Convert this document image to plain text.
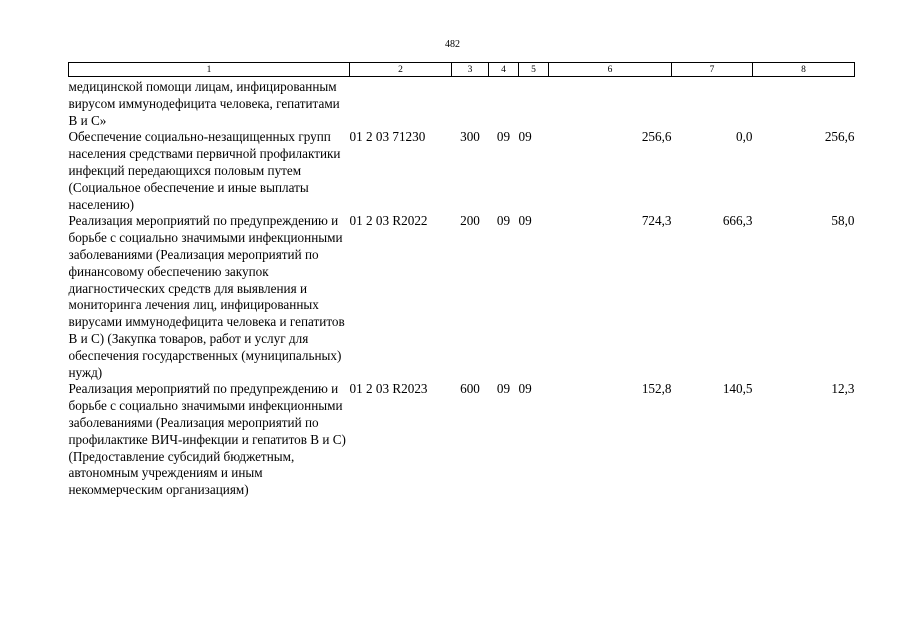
482
1	2	3	4	5	6	7	8
медицинской помощи лицам, инфицированным вирусом иммунодефицита человека, гепатитами В и С»							
Обеспечение социально-незащищенных групп населения средствами первичной профилактики инфекций передающихся половым путем (Социальное обеспечение и иные выплаты населению)	01 2 03 71230	300	09	09	256,6	0,0	256,6
Реализация мероприятий по предупреждению и борьбе с социально значимыми инфекционными заболеваниями (Реализация мероприятий по финансовому обеспечению закупок диагностических средств для выявления и мониторинга лечения лиц, инфицированных вирусами иммунодефицита человека и гепатитов В и С) (Закупка товаров, работ и услуг для обеспечения государственных (муниципальных) нужд)	01 2 03 R2022	200	09	09	724,3	666,3	58,0
Реализация мероприятий по предупреждению и борьбе с социально значимыми инфекционными заболеваниями (Реализация мероприятий по профилактике ВИЧ-инфекции и гепатитов В и С) (Предоставление субсидий бюджетным, автономным учреждениям и иным некоммерческим организациям)	01 2 03 R2023	600	09	09	152,8	140,5	12,3
